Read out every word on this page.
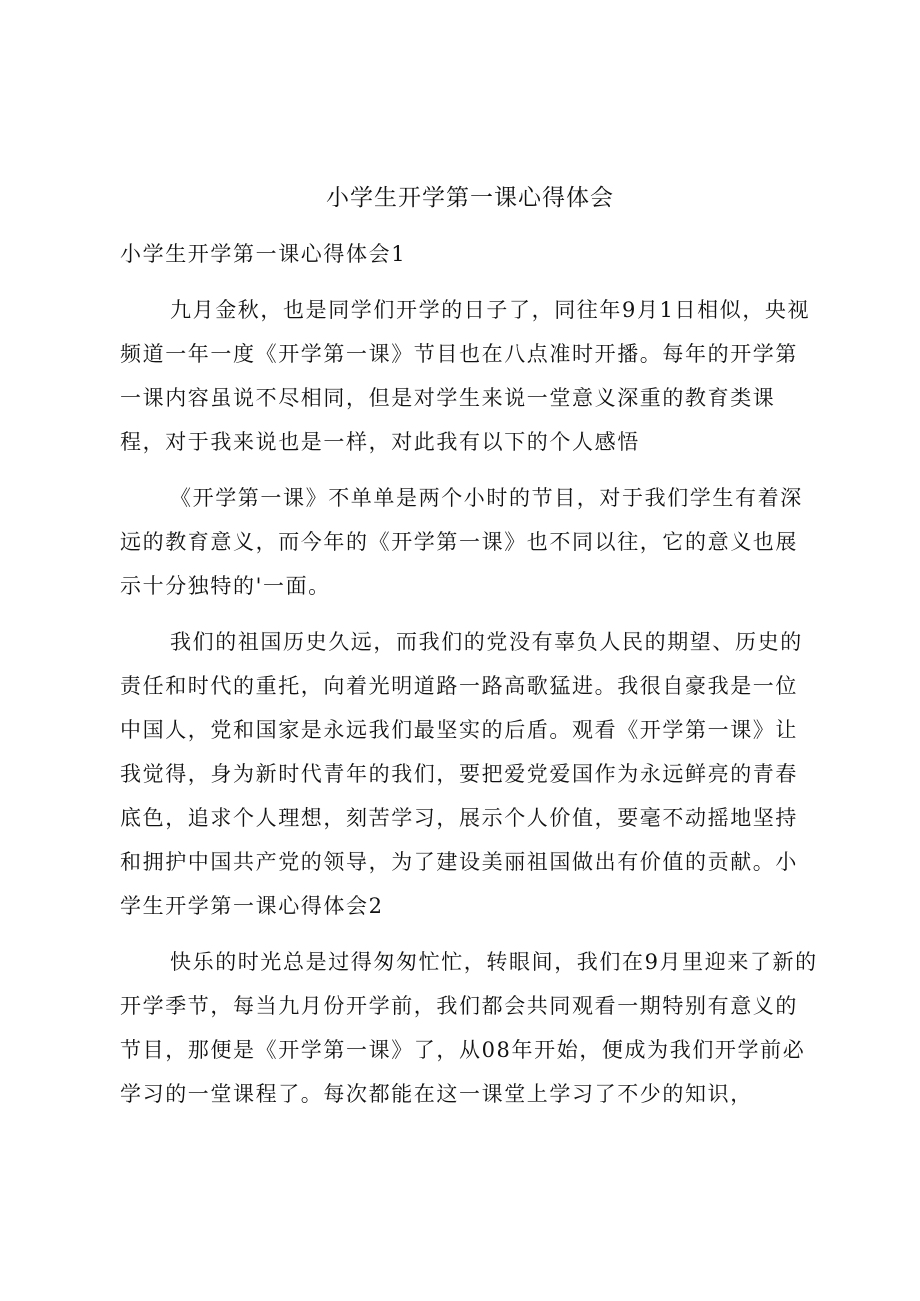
小学生开学第一课心得体会

小学生开学第一课心得体会1

九月金秋，也是同学们开学的日子了，同往年9月1日相似，央视频道一年一度《开学第一课》节目也在八点准时开播。每年的开学第一课内容虽说不尽相同，但是对学生来说一堂意义深重的教育类课程，对于我来说也是一样，对此我有以下的个人感悟

《开学第一课》不单单是两个小时的节目，对于我们学生有着深远的教育意义，而今年的《开学第一课》也不同以往，它的意义也展示十分独特的'一面。

我们的祖国历史久远，而我们的党没有辜负人民的期望、历史的责任和时代的重托，向着光明道路一路高歌猛进。我很自豪我是一位中国人，党和国家是永远我们最坚实的后盾。观看《开学第一课》让我觉得，身为新时代青年的我们，要把爱党爱国作为永远鲜亮的青春底色，追求个人理想，刻苦学习，展示个人价值，要毫不动摇地坚持和拥护中国共产党的领导，为了建设美丽祖国做出有价值的贡献。小学生开学第一课心得体会2

快乐的时光总是过得匆匆忙忙，转眼间，我们在9月里迎来了新的开学季节，每当九月份开学前，我们都会共同观看一期特别有意义的节目，那便是《开学第一课》了，从08年开始，便成为我们开学前必学习的一堂课程了。每次都能在这一课堂上学习了不少的知识，
